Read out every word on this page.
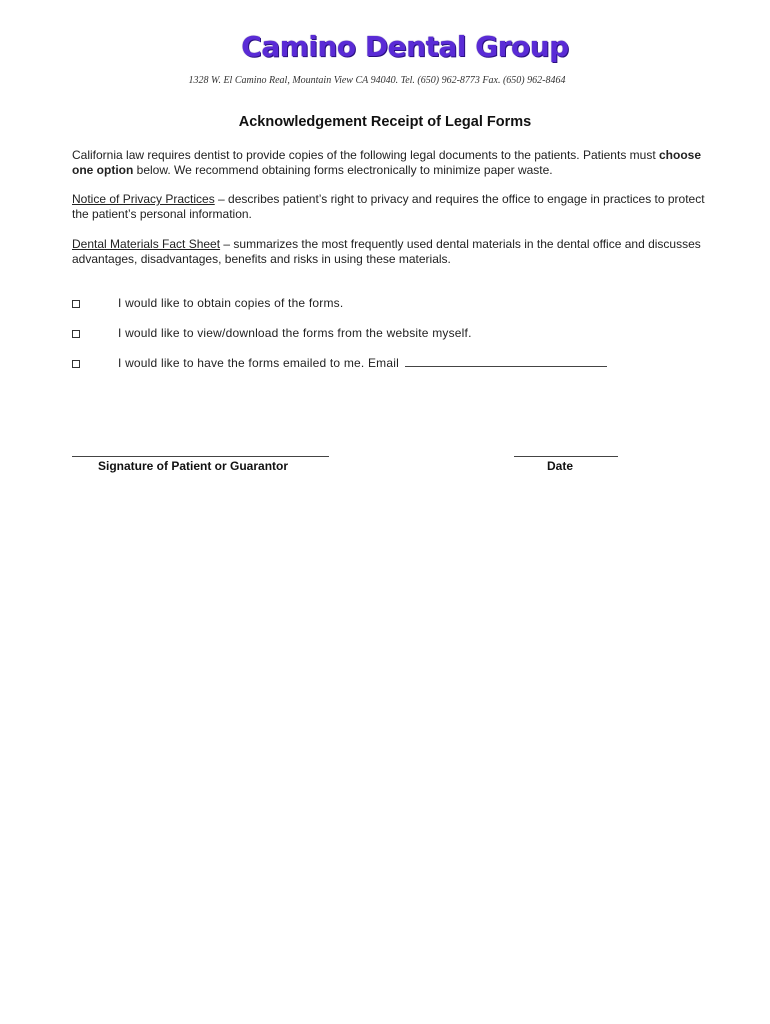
Camino Dental Group
1328 W. El Camino Real, Mountain View CA 94040. Tel. (650) 962-8773 Fax. (650) 962-8464
Acknowledgement Receipt of Legal Forms
California law requires dentist to provide copies of the following legal documents to the patients. Patients must choose one option below. We recommend obtaining forms electronically to minimize paper waste.
Notice of Privacy Practices – describes patient’s right to privacy and requires the office to engage in practices to protect the patient’s personal information.
Dental Materials Fact Sheet – summarizes the most frequently used dental materials in the dental office and discusses advantages, disadvantages, benefits and risks in using these materials.
I would like to obtain copies of the forms.
I would like to view/download the forms from the website myself.
I would like to have the forms emailed to me. Email
Signature of Patient or Guarantor	Date
